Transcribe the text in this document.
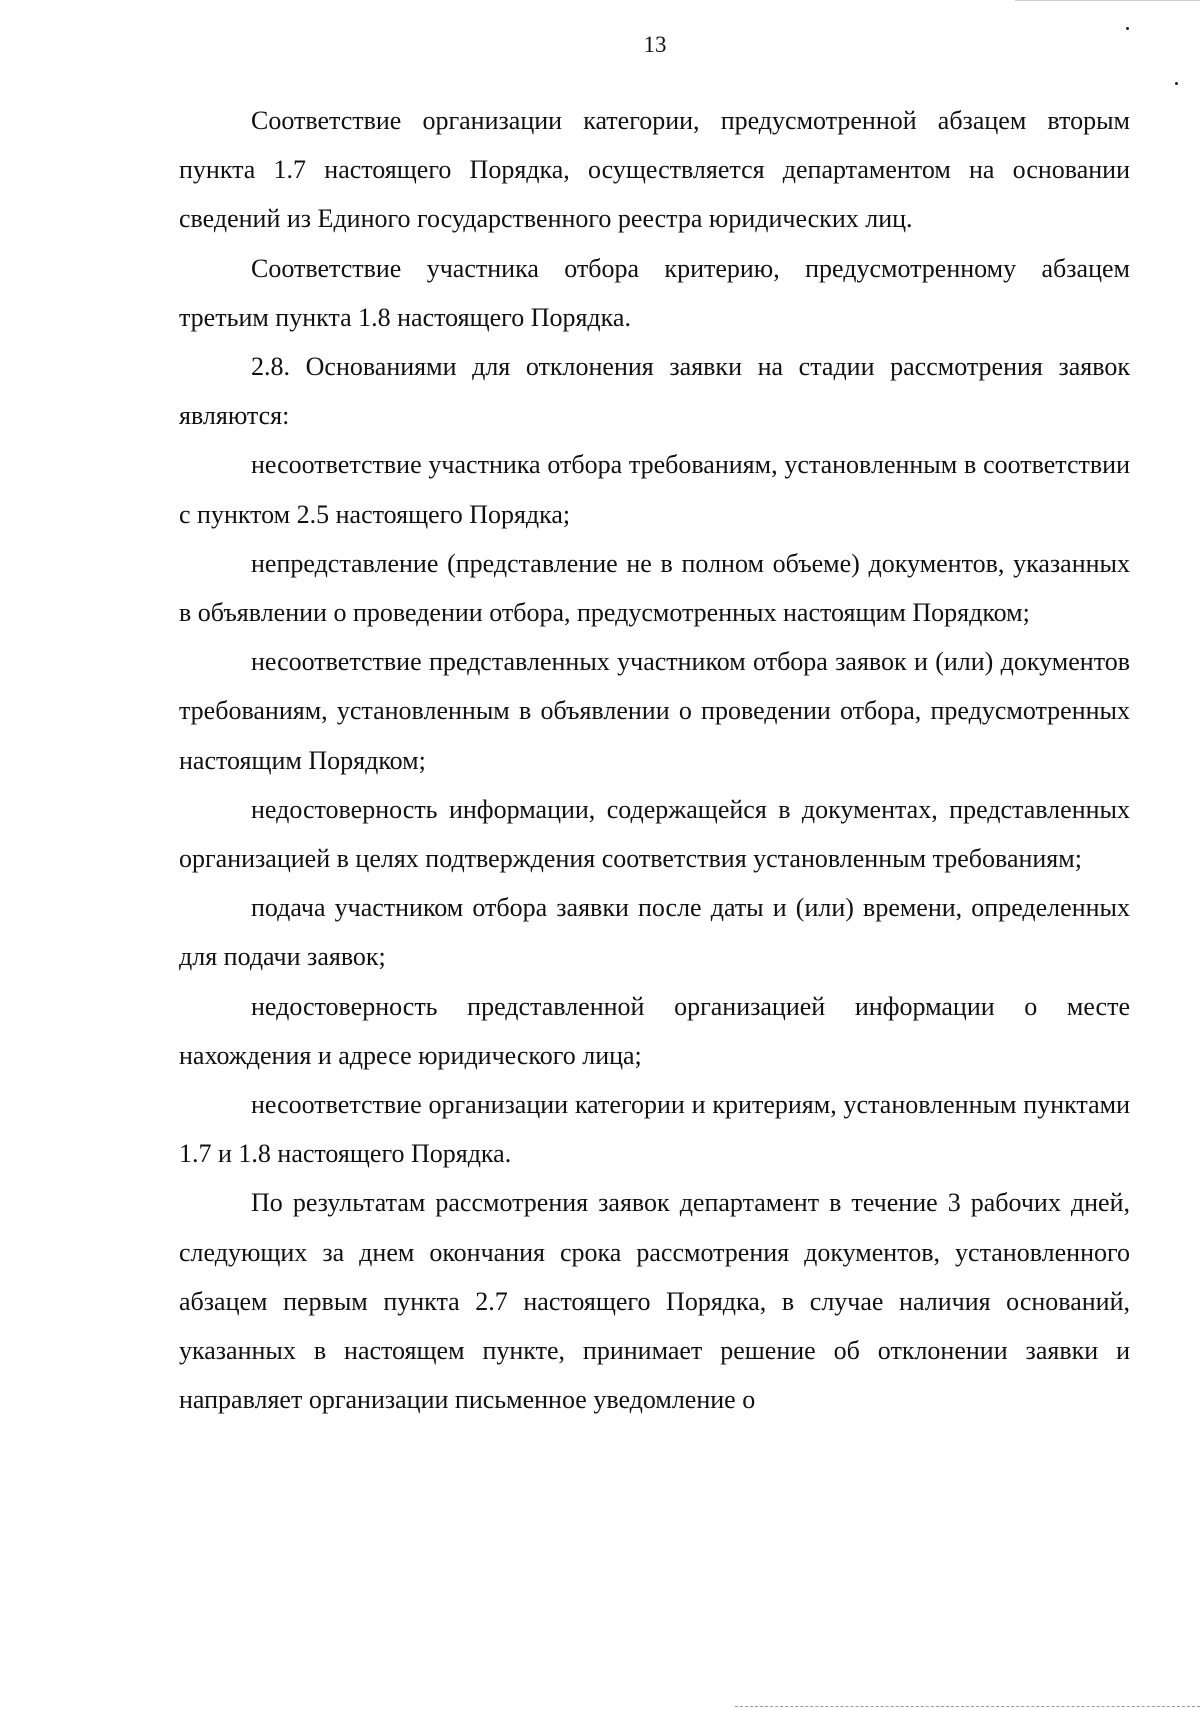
13

Соответствие организации категории, предусмотренной абзацем вторым пункта 1.7 настоящего Порядка, осуществляется департаментом на основании сведений из Единого государственного реестра юридических лиц.

Соответствие участника отбора критерию, предусмотренному абзацем третьим пункта 1.8 настоящего Порядка.

2.8. Основаниями для отклонения заявки на стадии рассмотрения заявок являются:

несоответствие участника отбора требованиям, установленным в соответствии с пунктом 2.5 настоящего Порядка;

непредставление (представление не в полном объеме) документов, указанных в объявлении о проведении отбора, предусмотренных настоящим Порядком;

несоответствие представленных участником отбора заявок и (или) документов требованиям, установленным в объявлении о проведении отбора, предусмотренных настоящим Порядком;

недостоверность информации, содержащейся в документах, представленных организацией в целях подтверждения соответствия установленным требованиям;

подача участником отбора заявки после даты и (или) времени, определенных для подачи заявок;

недостоверность представленной организацией информации о месте нахождения и адресе юридического лица;

несоответствие организации категории и критериям, установленным пунктами 1.7 и 1.8 настоящего Порядка.

По результатам рассмотрения заявок департамент в течение 3 рабочих дней, следующих за днем окончания срока рассмотрения документов, установленного абзацем первым пункта 2.7 настоящего Порядка, в случае наличия оснований, указанных в настоящем пункте, принимает решение об отклонении заявки и направляет организации письменное уведомление о
